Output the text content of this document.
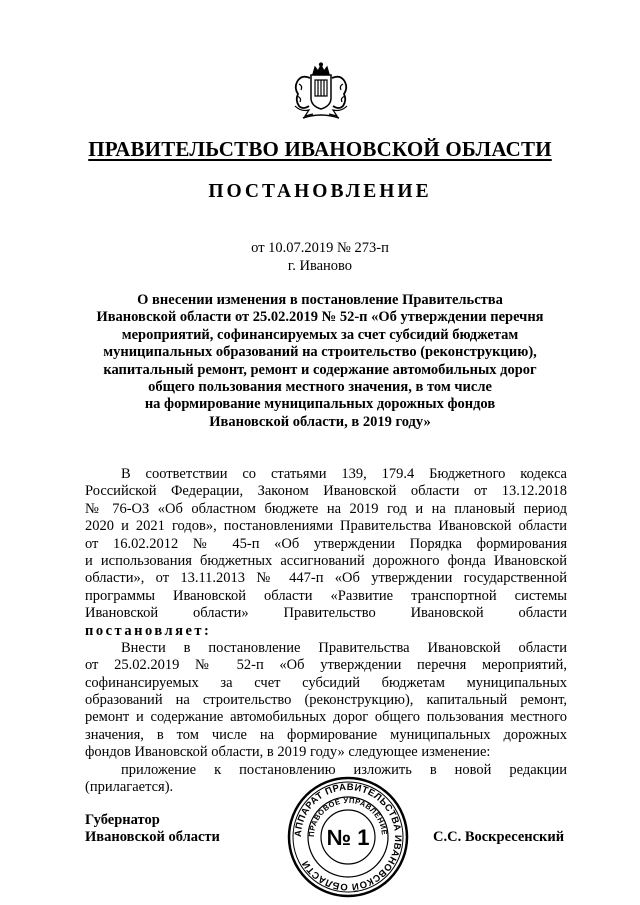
ПРАВИТЕЛЬСТВО ИВАНОВСКОЙ ОБЛАСТИ
ПОСТАНОВЛЕНИЕ
от 10.07.2019 № 273-п
г. Иваново
О внесении изменения в постановление Правительства
Ивановской области от 25.02.2019 № 52-п «Об утверждении перечня
мероприятий, софинансируемых за счет субсидий бюджетам
муниципальных образований на строительство (реконструкцию),
капитальный ремонт, ремонт и содержание автомобильных дорог
общего пользования местного значения, в том числе
на формирование муниципальных дорожных фондов
Ивановской области, в 2019 году»
В соответствии со статьями 139, 179.4 Бюджетного кодекса
Российской Федерации, Законом Ивановской области от 13.12.2018
№ 76-ОЗ «Об областном бюджете на 2019 год и на плановый период
2020 и 2021 годов», постановлениями Правительства Ивановской области
от 16.02.2012 № 45-п «Об утверждении Порядка формирования
и использования бюджетных ассигнований дорожного фонда Ивановской
области», от 13.11.2013 № 447-п «Об утверждении государственной
программы Ивановской области «Развитие транспортной системы
Ивановской области» Правительство Ивановской области
постановляет:
Внести в постановление Правительства Ивановской области
от 25.02.2019 № 52-п «Об утверждении перечня мероприятий,
софинансируемых за счет субсидий бюджетам муниципальных
образований на строительство (реконструкцию), капитальный ремонт,
ремонт и содержание автомобильных дорог общего пользования местного
значения, в том числе на формирование муниципальных дорожных
фондов Ивановской области, в 2019 году» следующее изменение:
приложение к постановлению изложить в новой редакции
(прилагается).
Губернатор
Ивановской области	С.С. Воскресенский
АППАРАТ ПРАВИТЕЛЬСТВА ИВАНОВСКОЙ ОБЛАСТИ
ПРАВОВОЕ УПРАВЛЕНИЕ
№ 1
